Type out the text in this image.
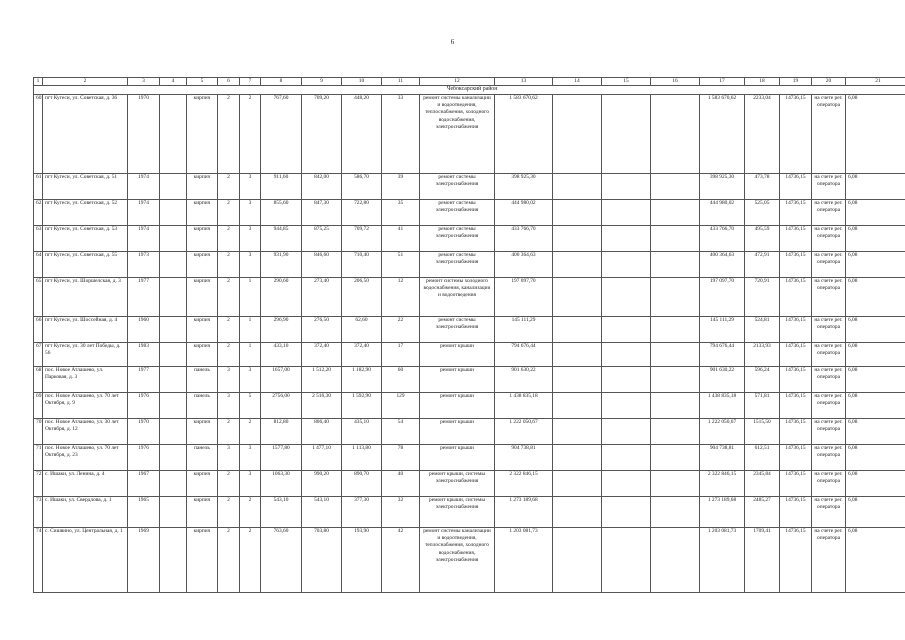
6
1	2	3	4	5	6	7	8	9	10	11	12	13	14	15	16	17	18	19	20	21
Чебоксарский район																				
60	пгт Кугеси, ул. Советская, д. 36	1970		кирпич	2	2	767,60	709,20	448,20	33	ремонт системы канализации и водоотведения, теплоснабжения, холодного водоснабжения, электроснабжения	1 583 670,62				1 583 670,62	2233,04	14736,15	на счете рег. оператора	6,08
61	пгт Кугеси, ул. Советская, д. 51	1974		кирпич	2	3	911,60	842,00	586,70	39	ремонт системы электроснабжения	398 925,30				398 925,30	473,78	14736,15	на счете рег. оператора	6,08
62	пгт Кугеси, ул. Советская, д. 52	1974		кирпич	2	3	855,60	847,30	722,80	35	ремонт системы электроснабжения	444 980,02				444 980,02	525,05	14736,15	на счете рег. оператора	6,08
63	пгт Кугеси, ул. Советская, д. 53	1974		кирпич	2	3	944,85	875,25	709,72	41	ремонт системы электроснабжения	433 766,70				433 766,70	495,59	14736,15	на счете рег. оператора	6,08
64	пгт Кугеси, ул. Советская, д. 55	1973		кирпич	2	3	931,90	846,60	710,40	51	ремонт системы электроснабжения	400 364,63				400 364,63	472,91	14736,15	на счете рег. оператора	6,08
65	пгт Кугеси, ул. Шоршелская, д. 3	1977		кирпич	2	1	290,60	273,40	206,50	12	ремонт системы холодного водоснабжения, канализации и водоотведения	197 097,70				197 097,70	720,91	14736,15	на счете рег. оператора	6,08
66	пгт Кугеси, ул. Шоссейная, д. 4	1960		кирпич	2	1	296,90	276,50	62,60	22	ремонт системы электроснабжения	145 111,29				145 111,29	524,81	14736,15	на счете рег. оператора	6,08
67	пгт Кугеси, ул. 30 лет Победы, д. 56	1983		кирпич	2	1	433,10	372,40	372,40	17	ремонт крыши	794 676,44				794 676,44	2133,93	14736,15	на счете рег. оператора	6,08
68	пос. Новое Атлашево, ул. Парковая, д. 3	1977		панель	3	3	1657,00	1 512,20	1 182,90	60	ремонт крыши	901 630,22				901 630,22	596,24	14736,15	на счете рег. оператора	6,08
69	пос. Новое Атлашево, ул. 70 лет Октября, д. 9	1976		панель	3	5	2756,00	2 516,30	1 592,90	129	ремонт крыши	1 438 835,18				1 438 835,18	571,81	14736,15	на счете рег. оператора	6,08
70	пос. Новое Атлашево, ул. 30 лет Октября, д. 12	1970		кирпич	2	2	812,80	806,40	435,10	54	ремонт крыши	1 222 050,67				1 222 050,67	1515,50	14736,15	на счете рег. оператора	6,08
71	пос. Новое Атлашево, ул. 70 лет Октября, д. 23	1976		панель	3	3	1577,80	1 477,10	1 113,80	78	ремонт крыши	904 738,81				904 738,81	612,51	14736,15	на счете рег. оператора	6,08
72	с. Ишаки, ул. Ленина, д. 4	1967		кирпич	2	3	1063,30	990,20	890,70	40	ремонт крыши, системы электроснабжения	2 322 846,15				2 322 846,15	2345,84	14736,15	на счете рег. оператора	6,08
73	с. Ишаки, ул. Свердлова, д. 1	1965		кирпич	2	2	543,10	543,10	377,30	32	ремонт крыши, системы электроснабжения	1 273 189,68				1 273 189,68	2485,27	14736,15	на счете рег. оператора	6,08
74	с. Сишвино, ул. Центральная, д. 1	1969		кирпич	2	2	763,60	703,80	193,90	42	ремонт системы канализации и водоотведения, теплоснабжения, холодного водоснабжения, электроснабжения	1 203 081,73				1 203 081,73	1709,41	14736,15	на счете рег. оператора	6,08
